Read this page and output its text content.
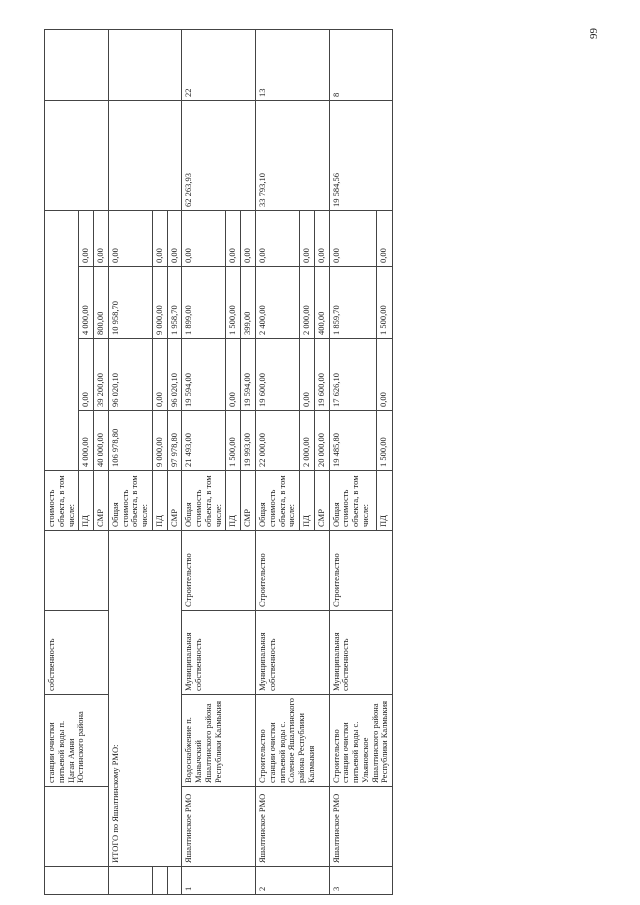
		станции очистки питьевой воды п. Цаган Амни Юстинского района	собственность		стоимость объекта, в том числе:						
					ПД	4 000,00	0,00	4 000,00	0,00		
					СМР	40 000,00	39 200,00	800,00	0,00		
	ИТОГО по Яшалтинскому РМО:				Общая стоимость объекта, в том числе:	106 978,80	96 020,10	10 958,70	0,00		
					ПД	9 000,00	0,00	9 000,00	0,00		
					СМР	97 978,80	96 020,10	1 958,70	0,00		
1	Яшалтинское РМО	Водоснабжение п. Манычский Яшалтинского района Республики Калмыкия	Муниципальная собственность	Строительство	Общая стоимость объекта, в том числе:	21 493,00	19 594,00	1 899,00	0,00	62 263,93	22
					ПД	1 500,00	0,00	1 500,00	0,00		
					СМР	19 993,00	19 594,00	399,00	0,00		
2	Яшалтинское РМО	Строительство станции очистки питьевой воды с. Соленое Яшалтинского района Республики Калмыкия	Муниципальная собственность	Строительство	Общая стоимость объекта, в том числе:	22 000,00	19 600,00	2 400,00	0,00	33 793,10	13
					ПД	2 000,00	0,00	2 000,00	0,00		
					СМР	20 000,00	19 600,00	400,00	0,00		
3	Яшалтинское РМО	Строительство станции очистки питьевой воды с. Ульяновское Яшалтинского района Республики Калмыкия	Муниципальная собственность	Строительство	Общая стоимость объекта, в том числе:	19 485,80	17 626,10	1 859,70	0,00	19 584,56	8
					ПД	1 500,00	0,00	1 500,00	0,00		
99
